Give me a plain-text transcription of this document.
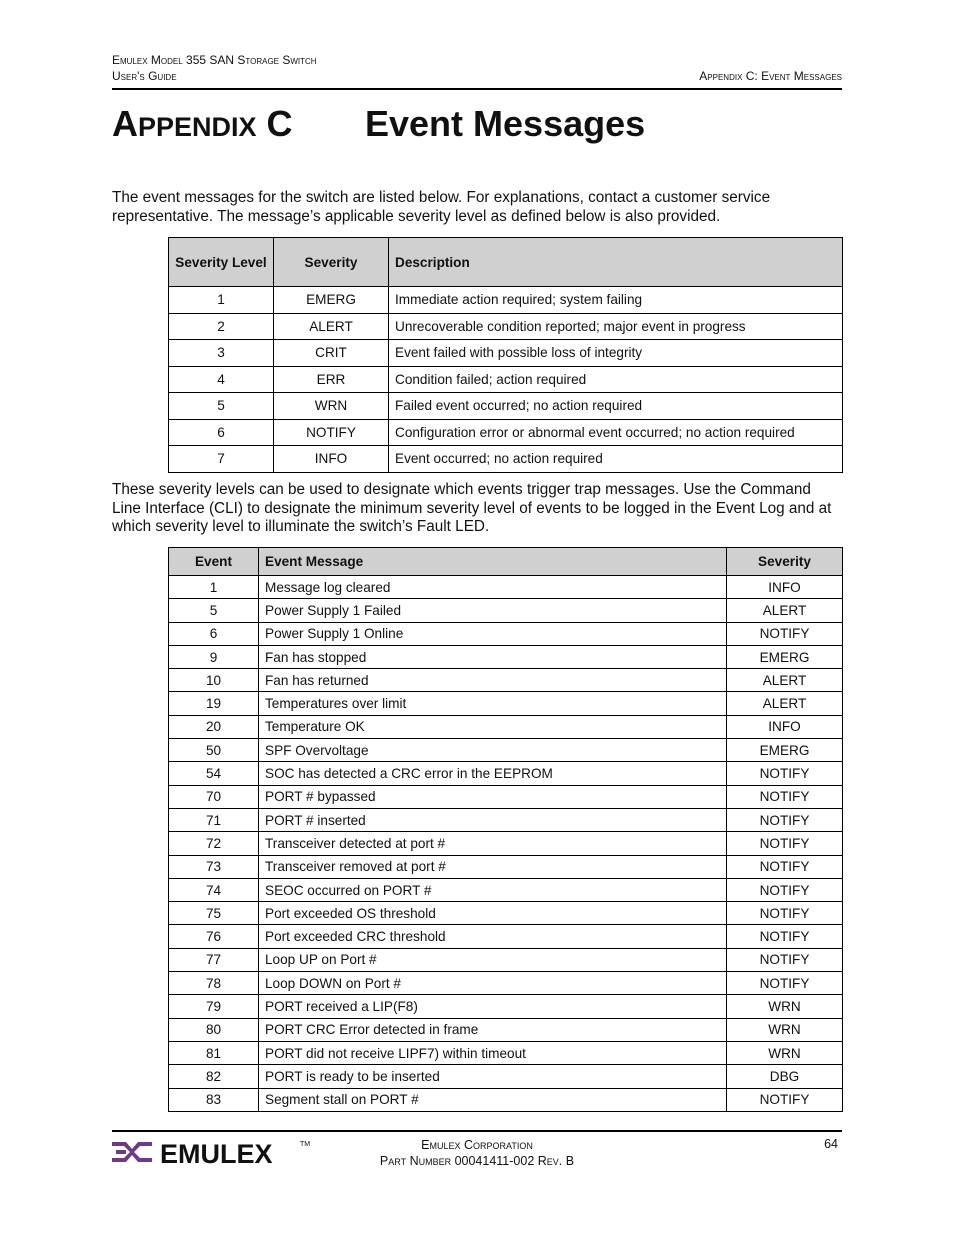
Emulex Model 355 SAN Storage Switch
User's Guide	Appendix C: Event Messages
APPENDIX C Event Messages

The event messages for the switch are listed below. For explanations, contact a customer service representative. The message’s applicable severity level as defined below is also provided.

Severity Level	Severity	Description
1	EMERG	Immediate action required; system failing
2	ALERT	Unrecoverable condition reported; major event in progress
3	CRIT	Event failed with possible loss of integrity
4	ERR	Condition failed; action required
5	WRN	Failed event occurred; no action required
6	NOTIFY	Configuration error or abnormal event occurred; no action required
7	INFO	Event occurred; no action required

These severity levels can be used to designate which events trigger trap messages. Use the Command Line Interface (CLI) to designate the minimum severity level of events to be logged in the Event Log and at which severity level to illuminate the switch’s Fault LED.

Event	Event Message	Severity
1	Message log cleared	INFO
5	Power Supply 1 Failed	ALERT
6	Power Supply 1 Online	NOTIFY
9	Fan has stopped	EMERG
10	Fan has returned	ALERT
19	Temperatures over limit	ALERT
20	Temperature OK	INFO
50	SPF Overvoltage	EMERG
54	SOC has detected a CRC error in the EEPROM	NOTIFY
70	PORT # bypassed	NOTIFY
71	PORT # inserted	NOTIFY
72	Transceiver detected at port #	NOTIFY
73	Transceiver removed at port #	NOTIFY
74	SEOC occurred on PORT #	NOTIFY
75	Port exceeded OS threshold	NOTIFY
76	Port exceeded CRC threshold	NOTIFY
77	Loop UP on Port #	NOTIFY
78	Loop DOWN on Port #	NOTIFY
79	PORT received a LIP(F8)	WRN
80	PORT CRC Error detected in frame	WRN
81	PORT did not receive LIPF7) within timeout	WRN
82	PORT is ready to be inserted	DBG
83	Segment stall on PORT #	NOTIFY
EMULEX	TM	Emulex Corporation
Part Number 00041411-002 Rev. B
64
